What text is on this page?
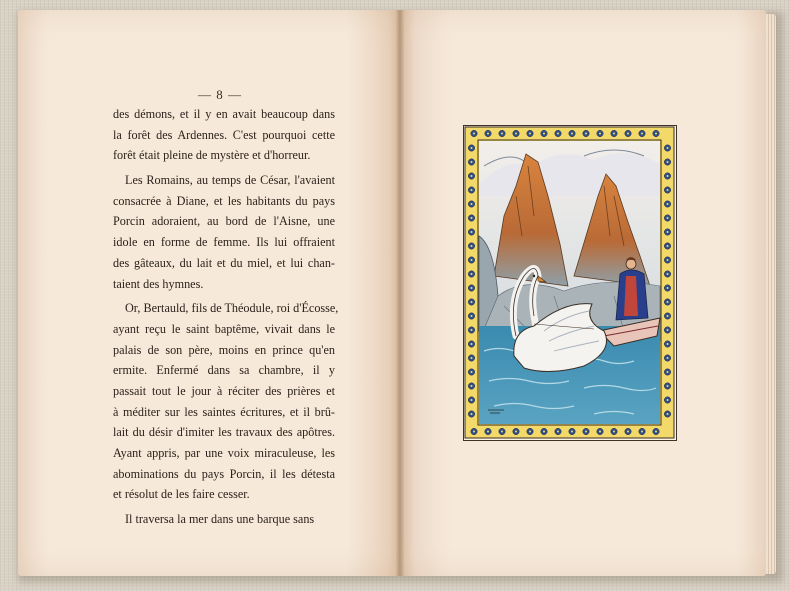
— 8 —
des démons, et il y en avait beaucoup dans
la forêt des Ardennes. C'est pourquoi cette
forêt était pleine de mystère et d'horreur.
Les Romains, au temps de César, l'avaient
consacrée à Diane, et les habitants du pays
Porcin adoraient, au bord de l'Aisne, une
idole en forme de femme. Ils lui offraient
des gâteaux, du lait et du miel, et lui chan-
taient des hymnes.
Or, Bertauld, fils de Théodule, roi d'Écosse,
ayant reçu le saint baptême, vivait dans le
palais de son père, moins en prince qu'en
ermite. Enfermé dans sa chambre, il y
passait tout le jour à réciter des prières et
à méditer sur les saintes écritures, et il brû-
lait du désir d'imiter les travaux des apôtres.
Ayant appris, par une voix miraculeuse, les
abominations du pays Porcin, il les détesta
et résolut de les faire cesser.
Il traversa la mer dans une barque sans
